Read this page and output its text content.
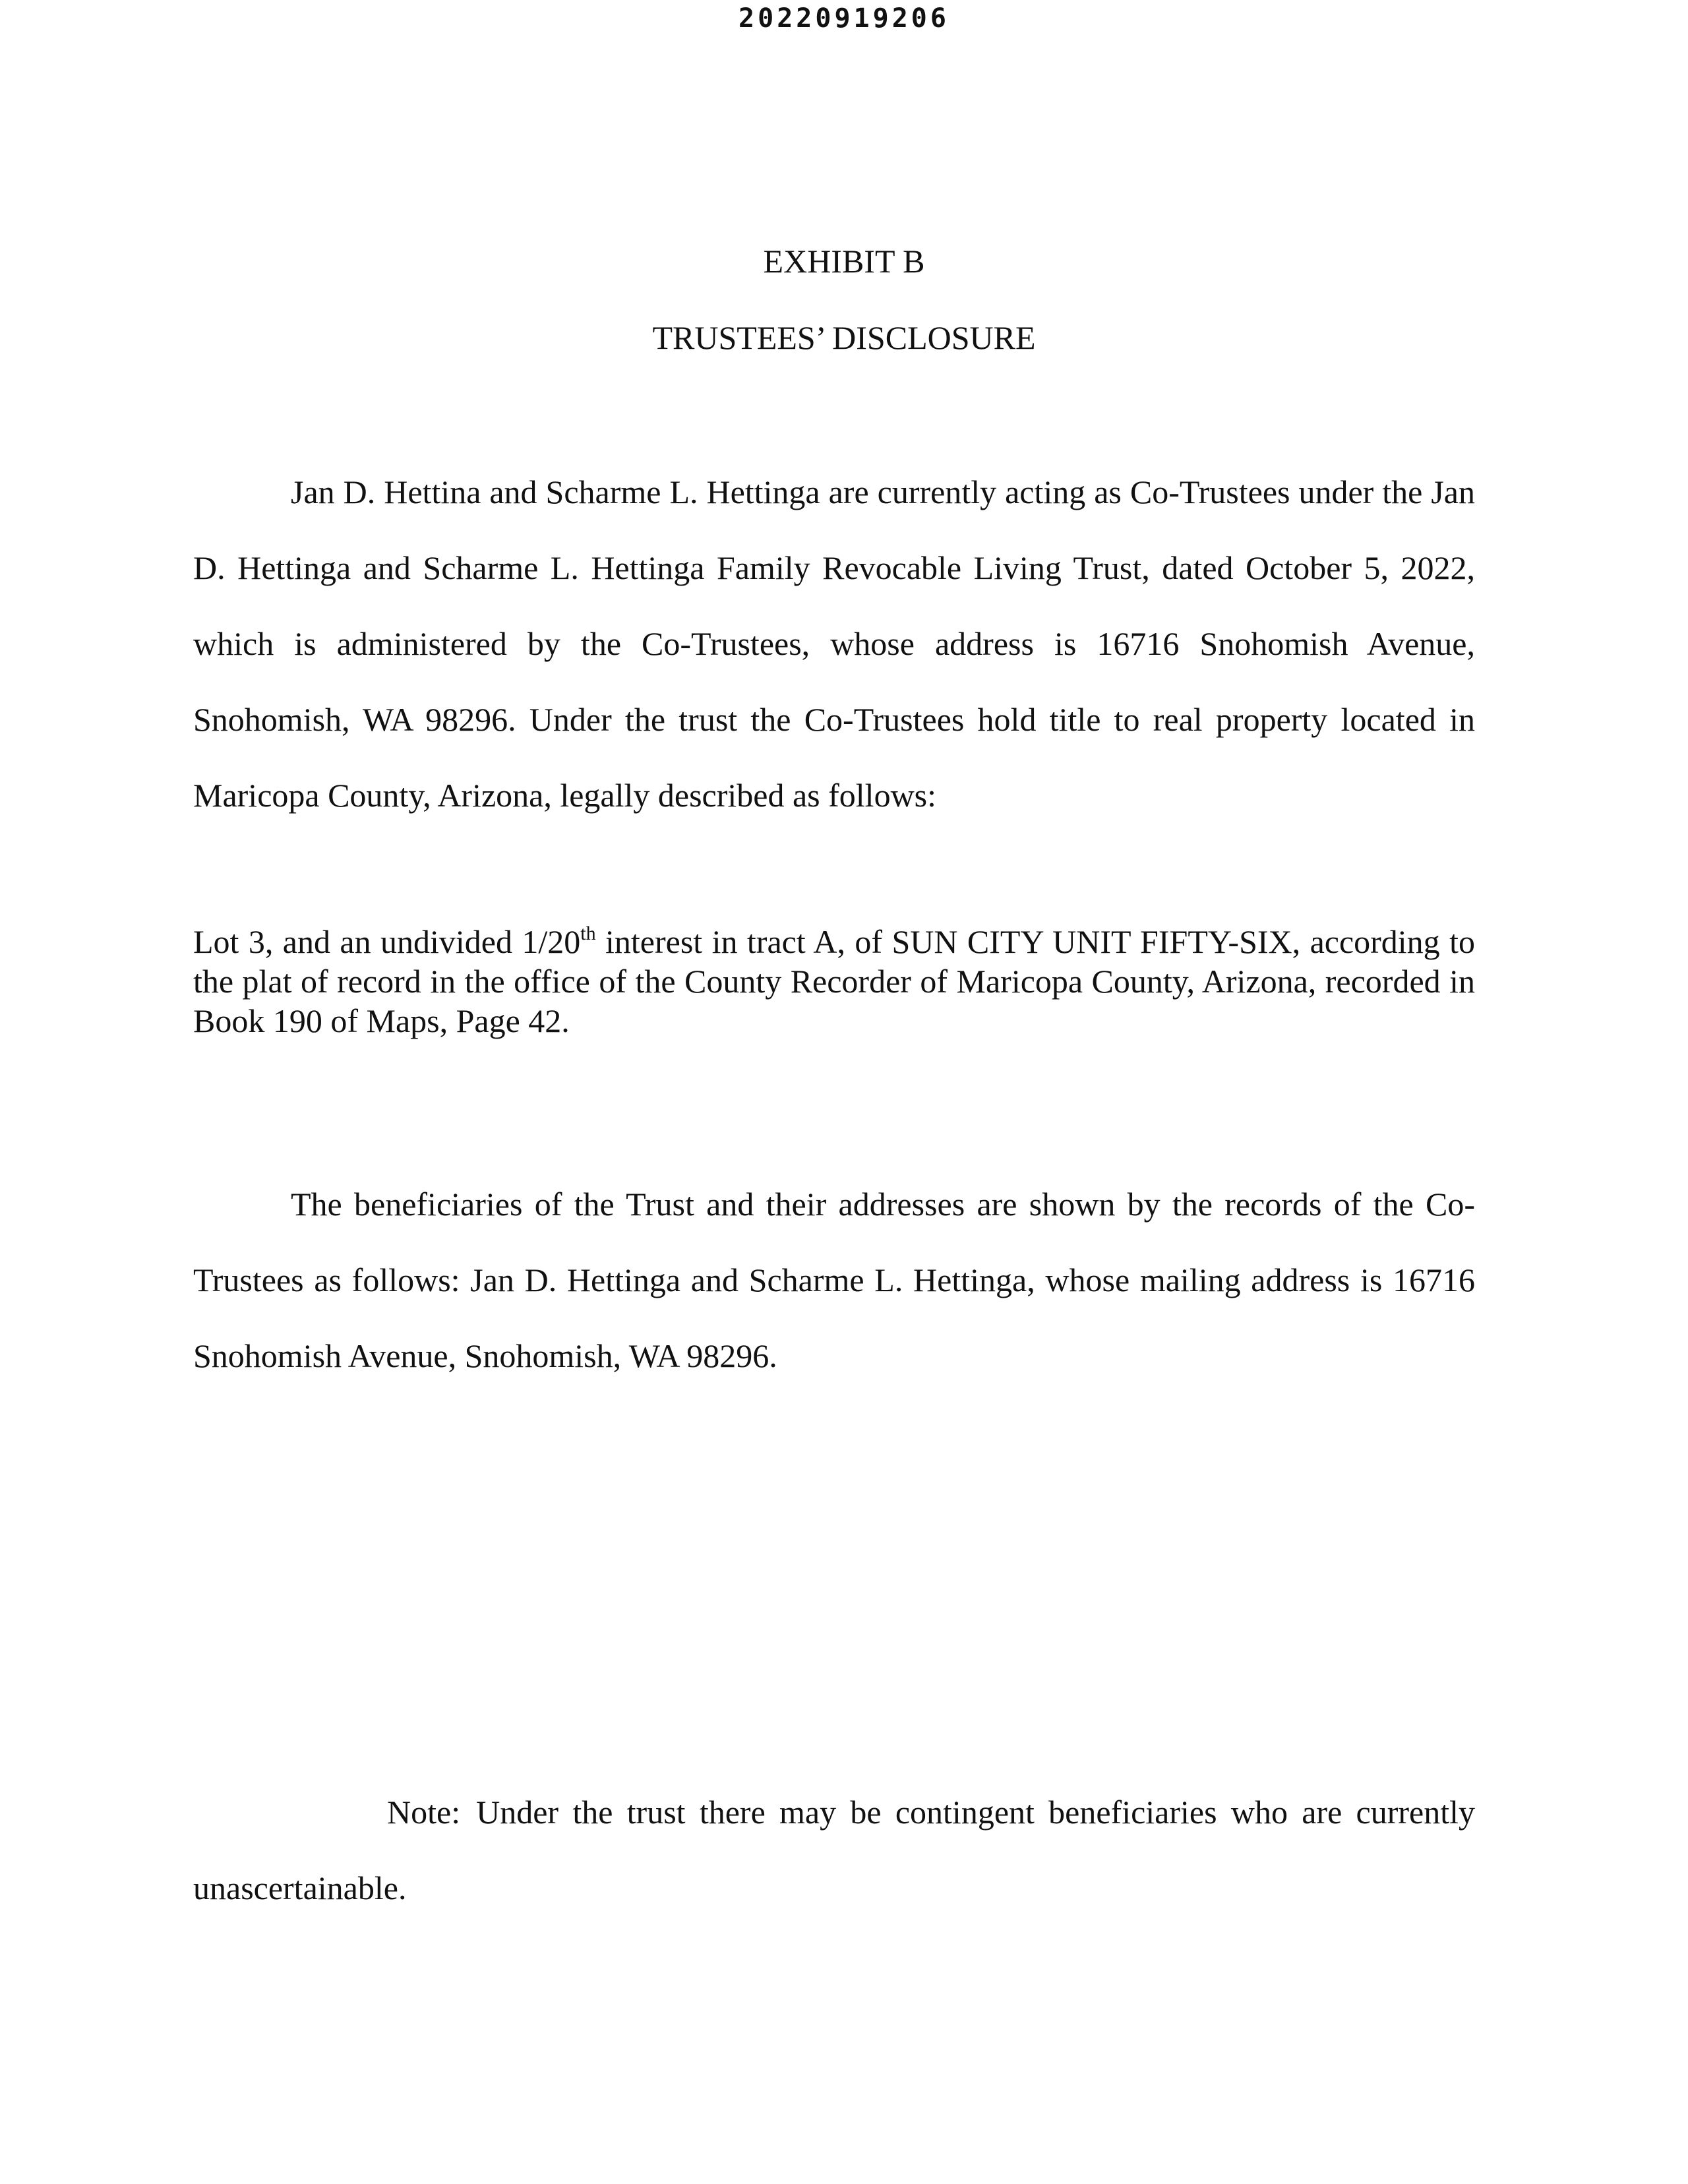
20220919206
EXHIBIT B
TRUSTEES’ DISCLOSURE

Jan D. Hettina and Scharme L. Hettinga are currently acting as Co-Trustees under the Jan D. Hettinga and Scharme L. Hettinga Family Revocable Living Trust, dated October 5, 2022, which is administered by the Co-Trustees, whose address is 16716 Snohomish Avenue, Snohomish, WA 98296. Under the trust the Co-Trustees hold title to real property located in Maricopa County, Arizona, legally described as follows:

Lot 3, and an undivided 1/20th interest in tract A, of SUN CITY UNIT FIFTY-SIX, according to the plat of record in the office of the County Recorder of Maricopa County, Arizona, recorded in Book 190 of Maps, Page 42.

The beneficiaries of the Trust and their addresses are shown by the records of the Co-Trustees as follows: Jan D. Hettinga and Scharme L. Hettinga, whose mailing address is 16716 Snohomish Avenue, Snohomish, WA 98296.

Note: Under the trust there may be contingent beneficiaries who are currently unascertainable.
